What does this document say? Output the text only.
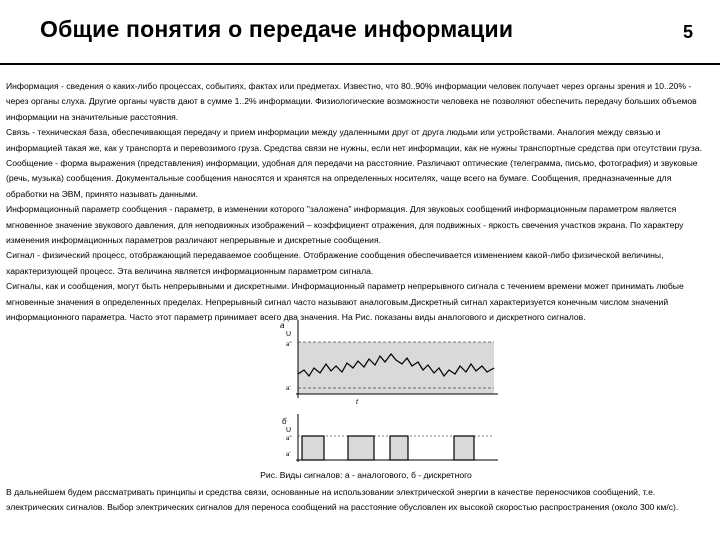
Общие понятия о передаче информации	5

Информация - сведения о каких-либо процессах, событиях, фактах или предметах. Известно, что 80..90% информации человек получает через органы зрения и 10..20% - через органы слуха. Другие органы чувств дают в сумме 1..2% информации. Физиологические возможности человека не позволяют обеспечить передачу больших объемов информации на значительные расстояния.

Связь - техническая база, обеспечивающая передачу и прием информации между удаленными друг от друга людьми или устройствами. Аналогия между связью и информацией такая же, как у транспорта и перевозимого груза. Средства связи не нужны, если нет информации, как не нужны транспортные средства при отсутствии груза.

Сообщение - форма выражения (представления) информации, удобная для передачи на расстояние. Различают оптические (телеграмма, письмо, фотография) и звуковые (речь, музыка) сообщения. Документальные сообщения наносятся и хранятся на определенных носителях, чаще всего на бумаге. Сообщения, предназначенные для обработки на ЭВМ, принято называть данными.

Информационный параметр сообщения - параметр, в изменении которого "заложена" информация. Для звуковых сообщений информационным параметром является мгновенное значение звукового давления, для неподвижных изображений – коэффициент отражения, для подвижных - яркость свечения участков экрана. По характеру изменения информационных параметров различают непрерывные и дискретные сообщения.

Сигнал - физический процесс, отображающий передаваемое сообщение. Отображение сообщения обеспечивается изменением какой-либо физической величины, характеризующей процесс. Эта величина является информационным параметром сигнала.

Сигналы, как и сообщения, могут быть непрерывными и дискретными. Информационный параметр непрерывного сигнала с течением времени может принимать любые мгновенные значения в определенных пределах. Непрерывный сигнал часто называют аналоговым.Дискретный сигнал характеризуется конечным числом значений информационного параметра. Часто этот параметр принимает всего два значения. На Рис. показаны виды аналогового и дискретного сигналов.

а
U
a''
a'
t
б
U
a''
a'
Рис. Виды сигналов: а - аналогового, б - дискретного

В дальнейшем будем рассматривать принципы и средства связи, основанные на использовании электрической энергии в качестве переносчиков сообщений, т.е. электрических сигналов. Выбор электрических сигналов для переноса сообщений на расстояние обусловлен их высокой скоростью распространения (около 300 км/с).
